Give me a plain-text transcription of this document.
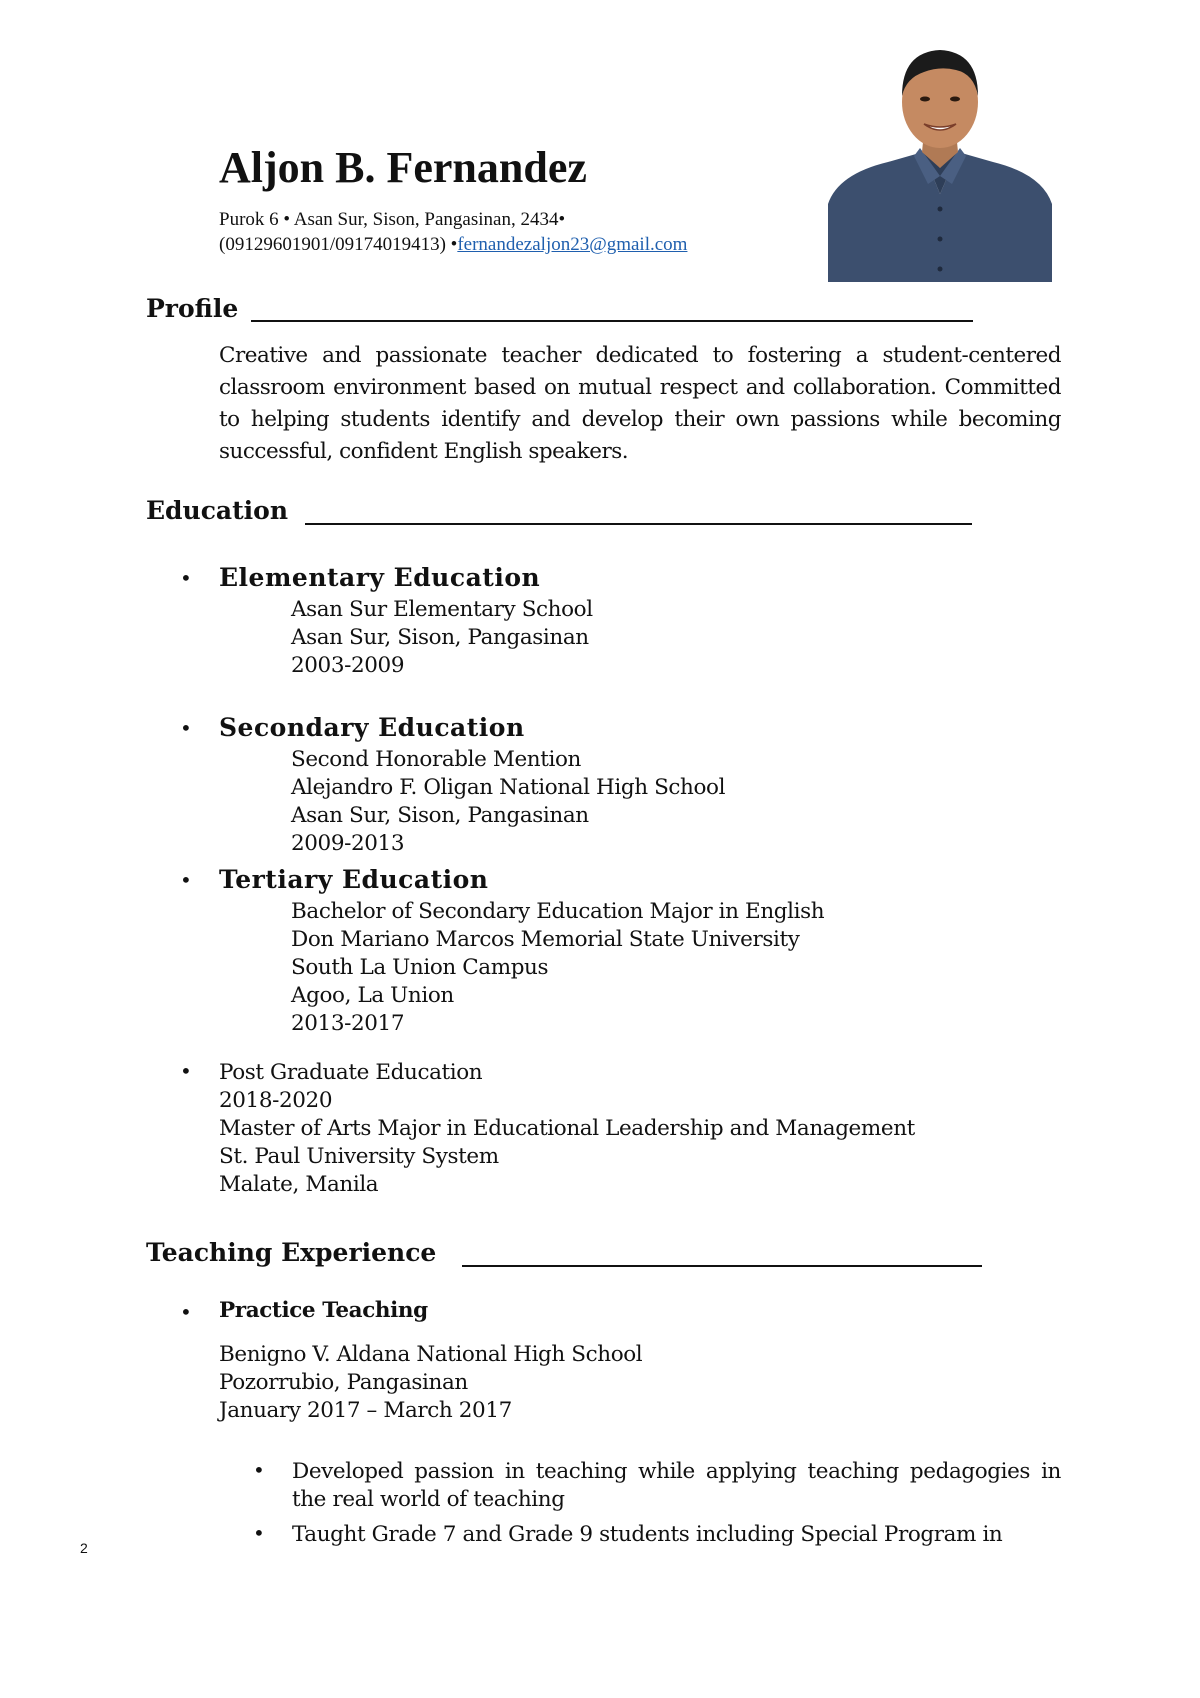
Aljon B. Fernandez
Purok 6 • Asan Sur, Sison, Pangasinan, 2434•
(09129601901/09174019413) •fernandezaljon23@gmail.com
Profile

Creative and passionate teacher dedicated to fostering a student-centered classroom environment based on mutual respect and collaboration. Committed to helping students identify and develop their own passions while becoming successful, confident English speakers.

Education
• Elementary Education
Asan Sur Elementary School
Asan Sur, Sison, Pangasinan
2003-2009
• Secondary Education
Second Honorable Mention
Alejandro F. Oligan National High School
Asan Sur, Sison, Pangasinan
2009-2013
• Tertiary Education
Bachelor of Secondary Education Major in English
Don Mariano Marcos Memorial State University
South La Union Campus
Agoo, La Union
2013-2017
• Post Graduate Education
2018-2020
Master of Arts Major in Educational Leadership and Management
St. Paul University System
Malate, Manila
Teaching Experience
• Practice Teaching
Benigno V. Aldana National High School
Pozorrubio, Pangasinan
January 2017 – March 2017
• Developed passion in teaching while applying teaching pedagogies in the real world of teaching

• Taught Grade 7 and Grade 9 students including Special Program in

2
